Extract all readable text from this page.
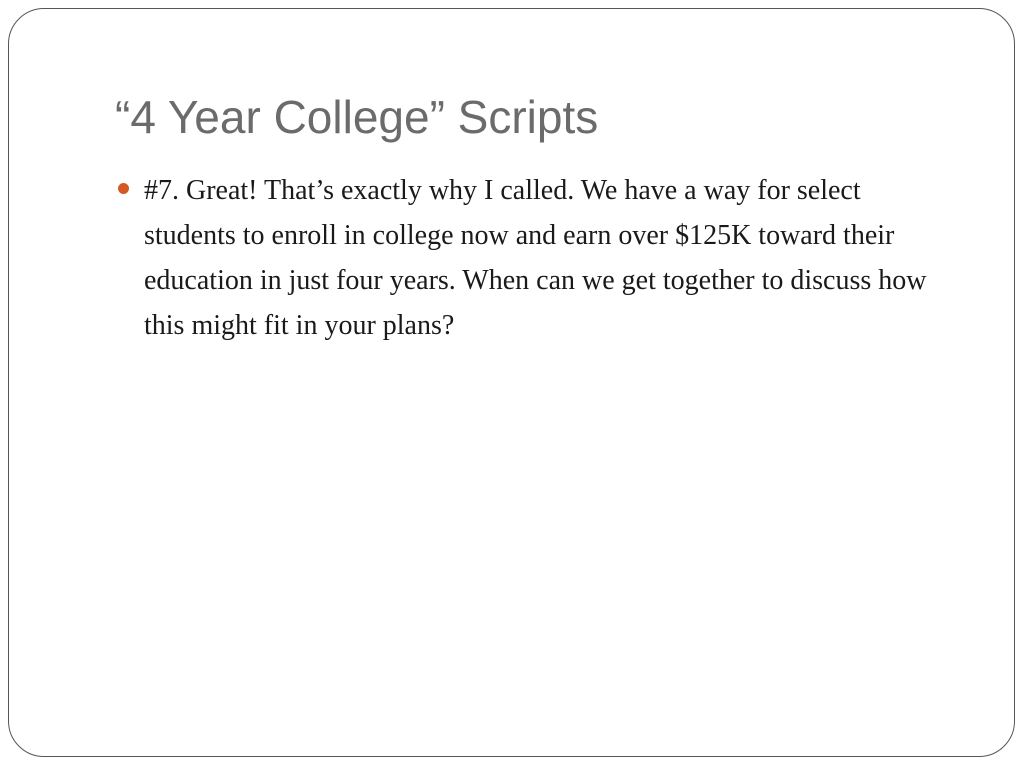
“4 Year College” Scripts
#7. Great! That’s exactly why I called. We have a way for select students to enroll in college now and earn over $125K toward their education in just four years. When can we get together to discuss how this might fit in your plans?
